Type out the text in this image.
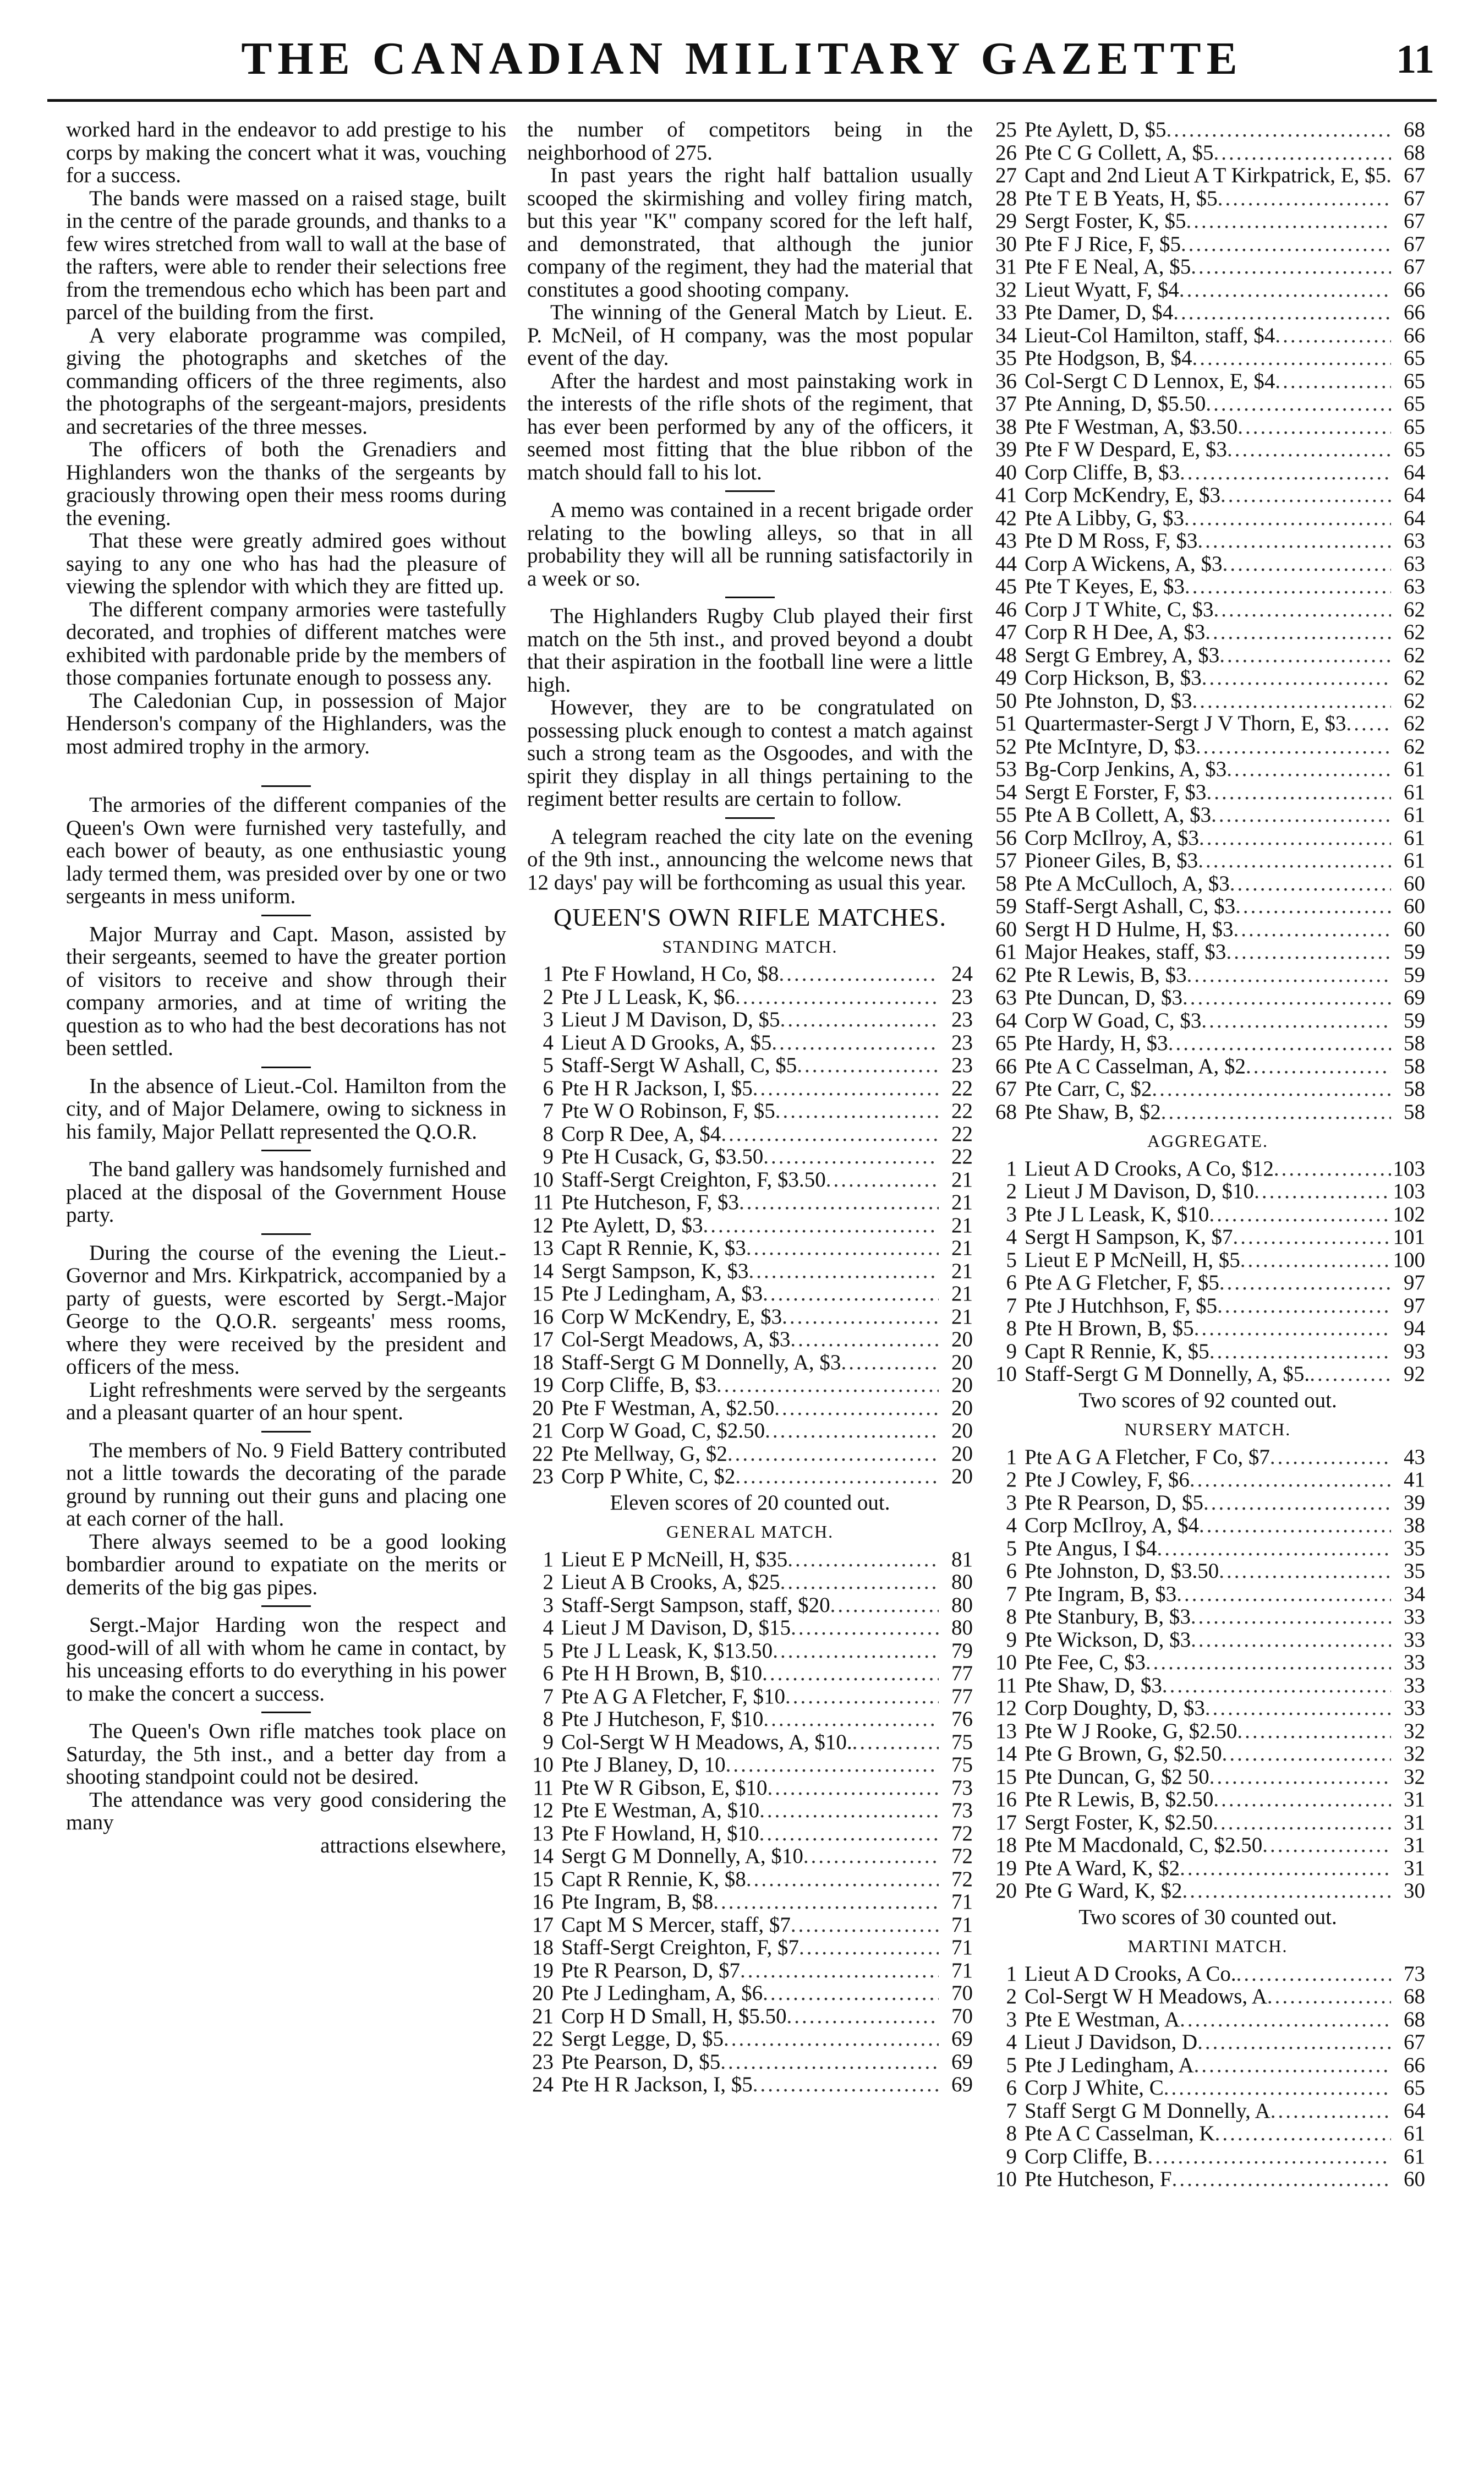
THE CANADIAN MILITARY GAZETTE	11

worked hard in the endeavor to add prestige to his corps by making the concert what it was, vouching for a success.

The bands were massed on a raised stage, built in the centre of the parade grounds, and thanks to a few wires stretched from wall to wall at the base of the rafters, were able to render their selections free from the tremendous echo which has been part and parcel of the building from the first.

A very elaborate programme was compiled, giving the photographs and sketches of the commanding officers of the three regiments, also the photographs of the sergeant-majors, presidents and secretaries of the three messes.

The officers of both the Grenadiers and Highlanders won the thanks of the sergeants by graciously throwing open their mess rooms during the evening.

That these were greatly admired goes without saying to any one who has had the pleasure of viewing the splendor with which they are fitted up.

The different company armories were tastefully decorated, and trophies of different matches were exhibited with pardonable pride by the members of those companies fortunate enough to possess any.

The Caledonian Cup, in possession of Major Henderson's company of the Highlanders, was the most admired trophy in the armory.

The armories of the different companies of the Queen's Own were furnished very tastefully, and each bower of beauty, as one enthusiastic young lady termed them, was presided over by one or two sergeants in mess uniform.

Major Murray and Capt. Mason, assisted by their sergeants, seemed to have the greater portion of visitors to receive and show through their company armories, and at time of writing the question as to who had the best decorations has not been settled.

In the absence of Lieut.-Col. Hamilton from the city, and of Major Delamere, owing to sickness in his family, Major Pellatt represented the Q.O.R.

The band gallery was handsomely furnished and placed at the disposal of the Government House party.

During the course of the evening the Lieut.-Governor and Mrs. Kirkpatrick, accompanied by a party of guests, were escorted by Sergt.-Major George to the Q.O.R. sergeants' mess rooms, where they were received by the president and officers of the mess.

Light refreshments were served by the sergeants and a pleasant quarter of an hour spent.

The members of No. 9 Field Battery contributed not a little towards the decorating of the parade ground by running out their guns and placing one at each corner of the hall.

There always seemed to be a good looking bombardier around to expatiate on the merits or demerits of the big gas pipes.

Sergt.-Major Harding won the respect and good-will of all with whom he came in contact, by his unceasing efforts to do everything in his power to make the concert a success.

The Queen's Own rifle matches took place on Saturday, the 5th inst., and a better day from a shooting standpoint could not be desired.

The attendance was very good considering the many

attractions elsewhere,

the number of competitors being in the neighborhood of 275.

In past years the right half battalion usually scooped the skirmishing and volley firing match, but this year "K" company scored for the left half, and demonstrated, that although the junior company of the regiment, they had the material that constitutes a good shooting company.

The winning of the General Match by Lieut. E. P. McNeil, of H company, was the most popular event of the day.

After the hardest and most painstaking work in the interests of the rifle shots of the regiment, that has ever been performed by any of the officers, it seemed most fitting that the blue ribbon of the match should fall to his lot.

A memo was contained in a recent brigade order relating to the bowling alleys, so that in all probability they will all be running satisfactorily in a week or so.

The Highlanders Rugby Club played their first match on the 5th inst., and proved beyond a doubt that their aspiration in the football line were a little high.

However, they are to be congratulated on possessing pluck enough to contest a match against such a strong team as the Osgoodes, and with the spirit they display in all things pertaining to the regiment better results are certain to follow.

A telegram reached the city late on the evening of the 9th inst., announcing the welcome news that 12 days' pay will be forthcoming as usual this year.

QUEEN'S OWN RIFLE MATCHES.
STANDING MATCH.
1 Pte F Howland, H Co, $8 .....	24
2 Pte J L Leask, K, $6 .....	23
3 Lieut J M Davison, D, $5 .....	23
4 Lieut A D Grooks, A, $5 .....	23
5 Staff-Sergt W Ashall, C, $5 .....	23
6 Pte H R Jackson, I, $5 .....	22
7 Pte W O Robinson, F, $5 .....	22
8 Corp R Dee, A, $4 .....	22
9 Pte H Cusack, G, $3.50 .....	22
10 Staff-Sergt Creighton, F, $3.50 .....	21
11 Pte Hutcheson, F, $3 .....	21
12 Pte Aylett, D, $3 .....	21
13 Capt R Rennie, K, $3 .....	21
14 Sergt Sampson, K, $3 .....	21
15 Pte J Ledingham, A, $3 .....	21
16 Corp W McKendry, E, $3 .....	21
17 Col-Sergt Meadows, A, $3 .....	20
18 Staff-Sergt G M Donnelly, A, $3 .....	20
19 Corp Cliffe, B, $3 .....	20
20 Pte F Westman, A, $2.50 .....	20
21 Corp W Goad, C, $2.50 .....	20
22 Pte Mellway, G, $2 .....	20
23 Corp P White, C, $2 .....	20
Eleven scores of 20 counted out.
GENERAL MATCH.
1 Lieut E P McNeill, H, $35 .....	81
2 Lieut A B Crooks, A, $25 .....	80
3 Staff-Sergt Sampson, staff, $20 .....	80
4 Lieut J M Davison, D, $15 .....	80
5 Pte J L Leask, K, $13.50 .....	79
6 Pte H H Brown, B, $10 .....	77
7 Pte A G A Fletcher, F, $10 .....	77
8 Pte J Hutcheson, F, $10 .....	76
9 Col-Sergt W H Meadows, A, $10. .....	75
10 Pte J Blaney, D, 10 .....	75
11 Pte W R Gibson, E, $10 .....	73
12 Pte E Westman, A, $10 .....	73
13 Pte F Howland, H, $10 .....	72
14 Sergt G M Donnelly, A, $10 .....	72
15 Capt R Rennie, K, $8 .....	72
16 Pte Ingram, B, $8 .....	71
17 Capt M S Mercer, staff, $7 .....	71
18 Staff-Sergt Creighton, F, $7 .....	71
19 Pte R Pearson, D, $7 .....	71
20 Pte J Ledingham, A, $6 .....	70
21 Corp H D Small, H, $5.50 .....	70
22 Sergt Legge, D, $5 .....	69
23 Pte Pearson, D, $5 .....	69
24 Pte H R Jackson, I, $5 .....	69
25 Pte Aylett, D, $5 .....	68
26 Pte C G Collett, A, $5 .....	68
27 Capt and 2nd Lieut A T Kirkpatrick, E, $5 ..... 67
28 Pte T E B Yeats, H, $5 .....	67
29 Sergt Foster, K, $5 .....	67
30 Pte F J Rice, F, $5 .....	67
31 Pte F E Neal, A, $5 .....	67
32 Lieut Wyatt, F, $4 .....	66
33 Pte Damer, D, $4 .....	66
34 Lieut-Col Hamilton, staff, $4 .....	66
35 Pte Hodgson, B, $4 .....	65
36 Col-Sergt C D Lennox, E, $4 .....	65
37 Pte Anning, D, $5.50 .....	65
38 Pte F Westman, A, $3.50 .....	65
39 Pte F W Despard, E, $3 .....	65
40 Corp Cliffe, B, $3 .....	64
41 Corp McKendry, E, $3 .....	64
42 Pte A Libby, G, $3 .....	64
43 Pte D M Ross, F, $3 .....	63
44 Corp A Wickens, A, $3 .....	63
45 Pte T Keyes, E, $3 .....	63
46 Corp J T White, C, $3 .....	62
47 Corp R H Dee, A, $3 .....	62
48 Sergt G Embrey, A, $3 .....	62
49 Corp Hickson, B, $3 .....	62
50 Pte Johnston, D, $3 .....	62
51 Quartermaster-Sergt J V Thorn, E, $3 .....	62
52 Pte McIntyre, D, $3 .....	62
53 Bg-Corp Jenkins, A, $3 .....	61
54 Sergt E Forster, F, $3 .....	61
55 Pte A B Collett, A, $3 .....	61
56 Corp McIlroy, A, $3 .....	61
57 Pioneer Giles, B, $3 .....	61
58 Pte A McCulloch, A, $3 .....	60
59 Staff-Sergt Ashall, C, $3 .....	60
60 Sergt H D Hulme, H, $3 .....	60
61 Major Heakes, staff, $3 .....	59
62 Pte R Lewis, B, $3 .....	59
63 Pte Duncan, D, $3 .....	69
64 Corp W Goad, C, $3 .....	59
65 Pte Hardy, H, $3 .....	58
66 Pte A C Casselman, A, $2 .....	58
67 Pte Carr, C, $2 .....	58
68 Pte Shaw, B, $2 .....	58
AGGREGATE.
1 Lieut A D Crooks, A Co, $12 .....	103
2 Lieut J M Davison, D, $10 .....	103
3 Pte J L Leask, K, $10 .....	102
4 Sergt H Sampson, K, $7 .....	101
5 Lieut E P McNeill, H, $5 .....	100
6 Pte A G Fletcher, F, $5 .....	97
7 Pte J Hutchhson, F, $5 .....	97
8 Pte H Brown, B, $5 .....	94
9 Capt R Rennie, K, $5 .....	93
10 Staff-Sergt G M Donnelly, A, $5. .....	92
Two scores of 92 counted out.
NURSERY MATCH.
1 Pte A G A Fletcher, F Co, $7 .....	43
2 Pte J Cowley, F, $6 .....	41
3 Pte R Pearson, D, $5 .....	39
4 Corp McIlroy, A, $4 .....	38
5 Pte Angus, I $4 .....	35
6 Pte Johnston, D, $3.50 .....	35
7 Pte Ingram, B, $3 .....	34
8 Pte Stanbury, B, $3 .....	33
9 Pte Wickson, D, $3 .....	33
10 Pte Fee, C, $3 .....	33
11 Pte Shaw, D, $3 .....	33
12 Corp Doughty, D, $3 .....	33
13 Pte W J Rooke, G, $2.50 .....	32
14 Pte G Brown, G, $2.50 .....	32
15 Pte Duncan, G, $2 50 .....	32
16 Pte R Lewis, B, $2.50 .....	31
17 Sergt Foster, K, $2.50 .....	31
18 Pte M Macdonald, C, $2.50 .....	31
19 Pte A Ward, K, $2 .....	31
20 Pte G Ward, K, $2 .....	30
Two scores of 30 counted out.
MARTINI MATCH.
1 Lieut A D Crooks, A Co. .....	73
2 Col-Sergt W H Meadows, A .....	68
3 Pte E Westman, A .....	68
4 Lieut J Davidson, D .....	67
5 Pte J Ledingham, A .....	66
6 Corp J White, C .....	65
7 Staff Sergt G M Donnelly, A .....	64
8 Pte A C Casselman, K .....	61
9 Corp Cliffe, B .....	61
10 Pte Hutcheson, F .....	60
